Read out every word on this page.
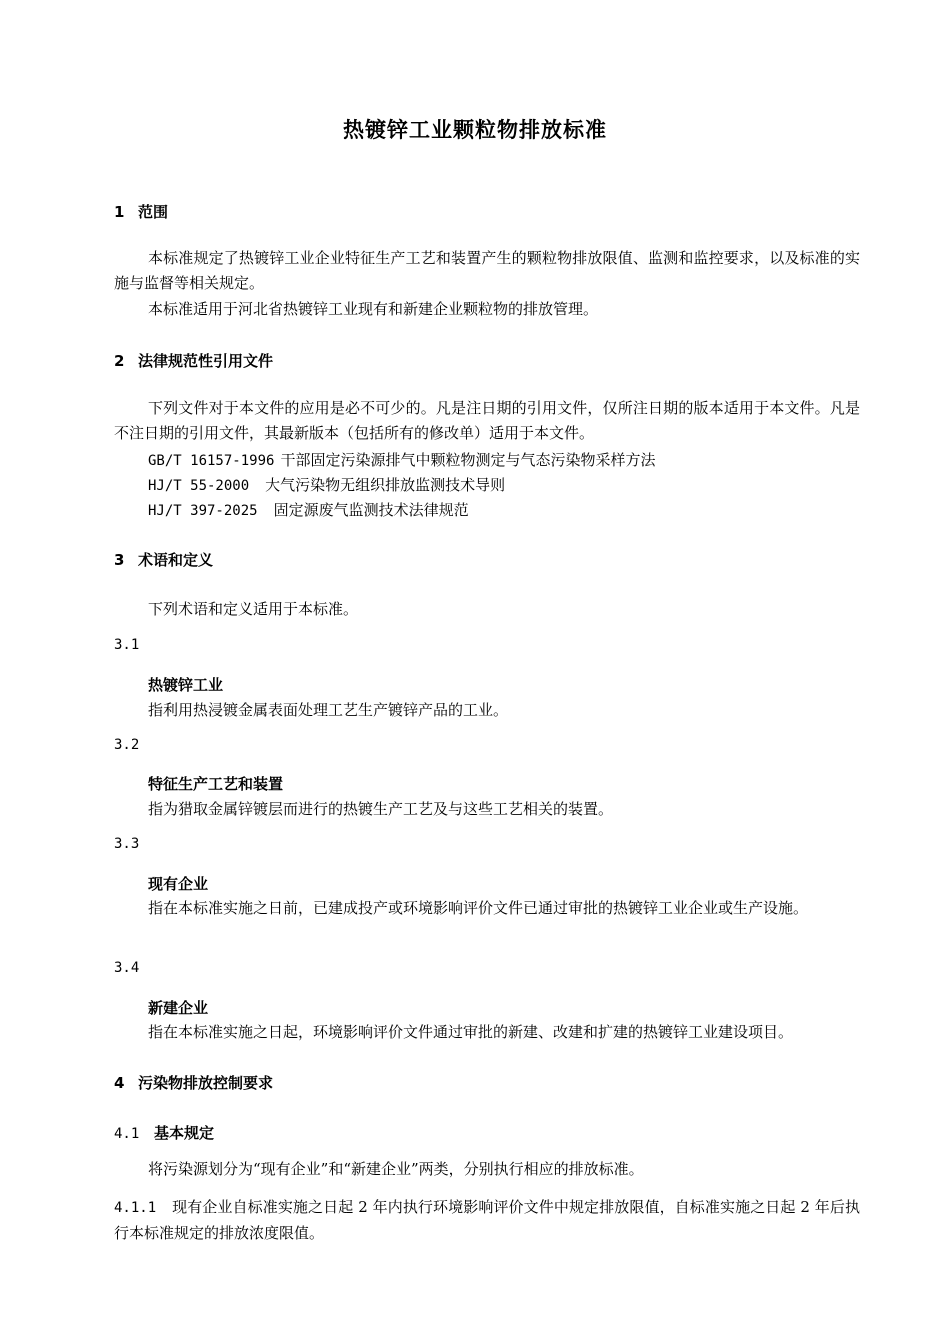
热镀锌工业颗粒物排放标准
1 范围
本标准规定了热镀锌工业企业特征生产工艺和装置产生的颗粒物排放限值、监测和监控要求，以及标准的实施与监督等相关规定。
本标准适用于河北省热镀锌工业现有和新建企业颗粒物的排放管理。
2 法律规范性引用文件
下列文件对于本文件的应用是必不可少的。凡是注日期的引用文件，仅所注日期的版本适用于本文件。凡是不注日期的引用文件，其最新版本（包括所有的修改单）适用于本文件。
GB/T 16157-1996 干部固定污染源排气中颗粒物测定与气态污染物采样方法
HJ/T 55-2000 大气污染物无组织排放监测技术导则
HJ/T 397-2025 固定源废气监测技术法律规范
3 术语和定义
下列术语和定义适用于本标准。
3.1
热镀锌工业
指利用热浸镀金属表面处理工艺生产镀锌产品的工业。
3.2
特征生产工艺和装置
指为猎取金属锌镀层而进行的热镀生产工艺及与这些工艺相关的装置。
3.3
现有企业
指在本标准实施之日前，已建成投产或环境影响评价文件已通过审批的热镀锌工业企业或生产设施。
3.4
新建企业
指在本标准实施之日起，环境影响评价文件通过审批的新建、改建和扩建的热镀锌工业建设项目。
4 污染物排放控制要求
4.1 基本规定
将污染源划分为“现有企业”和“新建企业”两类，分别执行相应的排放标准。
4.1.1 现有企业自标准实施之日起 2 年内执行环境影响评价文件中规定排放限值，自标准实施之日起 2 年后执行本标准规定的排放浓度限值。
